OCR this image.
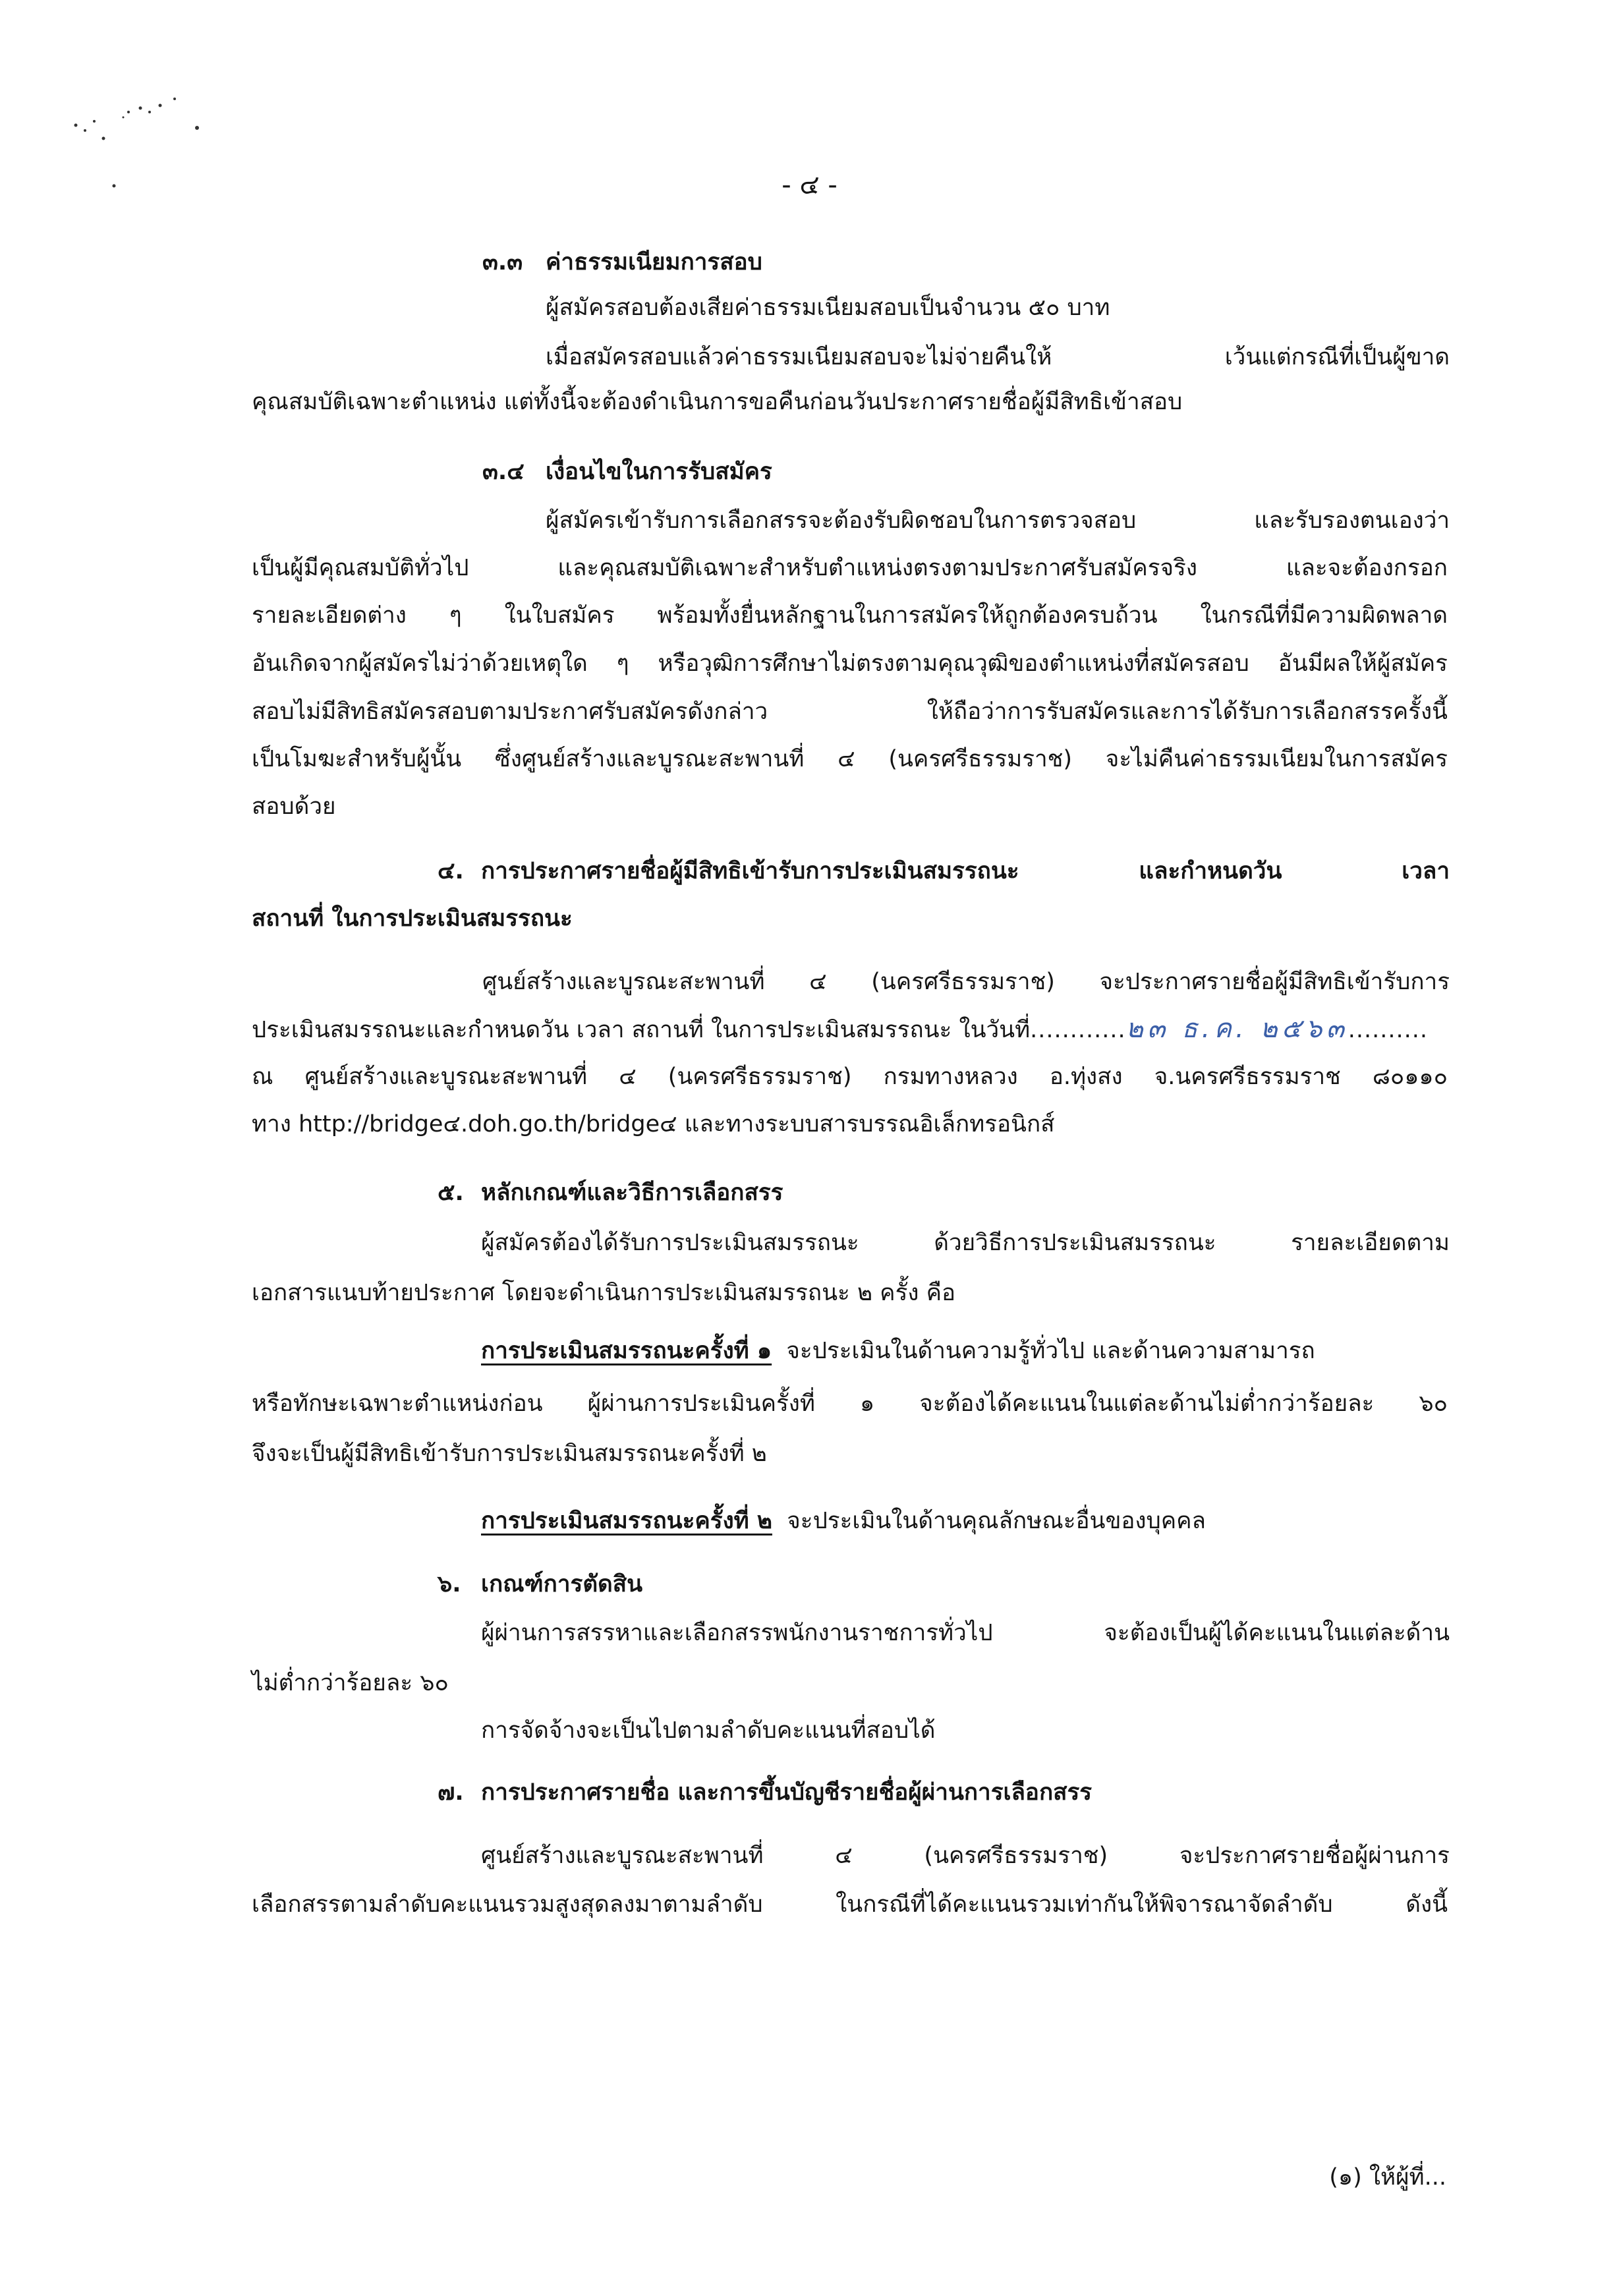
- ๔ -
๓.๓ ค่าธรรมเนียมการสอบ
ผู้สมัครสอบต้องเสียค่าธรรมเนียมสอบเป็นจำนวน ๕๐ บาท
เมื่อสมัครสอบแล้วค่าธรรมเนียมสอบจะไม่จ่ายคืนให้ เว้นแต่กรณีที่เป็นผู้ขาด
คุณสมบัติเฉพาะตำแหน่ง แต่ทั้งนี้จะต้องดำเนินการขอคืนก่อนวันประกาศรายชื่อผู้มีสิทธิเข้าสอบ
๓.๔ เงื่อนไขในการรับสมัคร
ผู้สมัครเข้ารับการเลือกสรรจะต้องรับผิดชอบในการตรวจสอบ และรับรองตนเองว่า
เป็นผู้มีคุณสมบัติทั่วไป และคุณสมบัติเฉพาะสำหรับตำแหน่งตรงตามประกาศรับสมัครจริง และจะต้องกรอก
รายละเอียดต่าง ๆ ในใบสมัคร พร้อมทั้งยื่นหลักฐานในการสมัครให้ถูกต้องครบถ้วน ในกรณีที่มีความผิดพลาด
อันเกิดจากผู้สมัครไม่ว่าด้วยเหตุใด ๆ หรือวุฒิการศึกษาไม่ตรงตามคุณวุฒิของตำแหน่งที่สมัครสอบ อันมีผลให้ผู้สมัคร
สอบไม่มีสิทธิสมัครสอบตามประกาศรับสมัครดังกล่าว ให้ถือว่าการรับสมัครและการได้รับการเลือกสรรครั้งนี้
เป็นโมฆะสำหรับผู้นั้น ซึ่งศูนย์สร้างและบูรณะสะพานที่ ๔ (นครศรีธรรมราช) จะไม่คืนค่าธรรมเนียมในการสมัคร
สอบด้วย
๔. การประกาศรายชื่อผู้มีสิทธิเข้ารับการประเมินสมรรถนะ และกำหนดวัน เวลา
สถานที่ ในการประเมินสมรรถนะ
ศูนย์สร้างและบูรณะสะพานที่ ๔ (นครศรีธรรมราช) จะประกาศรายชื่อผู้มีสิทธิเข้ารับการ
ประเมินสมรรถนะและกำหนดวัน เวลา สถานที่ ในการประเมินสมรรถนะ ในวันที่............๒๓ ธ.ค. ๒๕๖๓..........
ณ ศูนย์สร้างและบูรณะสะพานที่ ๔ (นครศรีธรรมราช) กรมทางหลวง อ.ทุ่งสง จ.นครศรีธรรมราช ๘๐๑๑๐
ทาง http://bridge๔.doh.go.th/bridge๔ และทางระบบสารบรรณอิเล็กทรอนิกส์
๕. หลักเกณฑ์และวิธีการเลือกสรร
ผู้สมัครต้องได้รับการประเมินสมรรถนะ ด้วยวิธีการประเมินสมรรถนะ รายละเอียดตาม
เอกสารแนบท้ายประกาศ โดยจะดำเนินการประเมินสมรรถนะ ๒ ครั้ง คือ
การประเมินสมรรถนะครั้งที่ ๑ จะประเมินในด้านความรู้ทั่วไป และด้านความสามารถ
หรือทักษะเฉพาะตำแหน่งก่อน ผู้ผ่านการประเมินครั้งที่ ๑ จะต้องได้คะแนนในแต่ละด้านไม่ต่ำกว่าร้อยละ ๖๐
จึงจะเป็นผู้มีสิทธิเข้ารับการประเมินสมรรถนะครั้งที่ ๒
การประเมินสมรรถนะครั้งที่ ๒ จะประเมินในด้านคุณลักษณะอื่นของบุคคล
๖. เกณฑ์การตัดสิน
ผู้ผ่านการสรรหาและเลือกสรรพนักงานราชการทั่วไป จะต้องเป็นผู้ได้คะแนนในแต่ละด้าน
ไม่ต่ำกว่าร้อยละ ๖๐
การจัดจ้างจะเป็นไปตามลำดับคะแนนที่สอบได้
๗. การประกาศรายชื่อ และการขึ้นบัญชีรายชื่อผู้ผ่านการเลือกสรร
ศูนย์สร้างและบูรณะสะพานที่ ๔ (นครศรีธรรมราช) จะประกาศรายชื่อผู้ผ่านการ
เลือกสรรตามลำดับคะแนนรวมสูงสุดลงมาตามลำดับ ในกรณีที่ได้คะแนนรวมเท่ากันให้พิจารณาจัดลำดับ ดังนี้
(๑) ให้ผู้ที่...
